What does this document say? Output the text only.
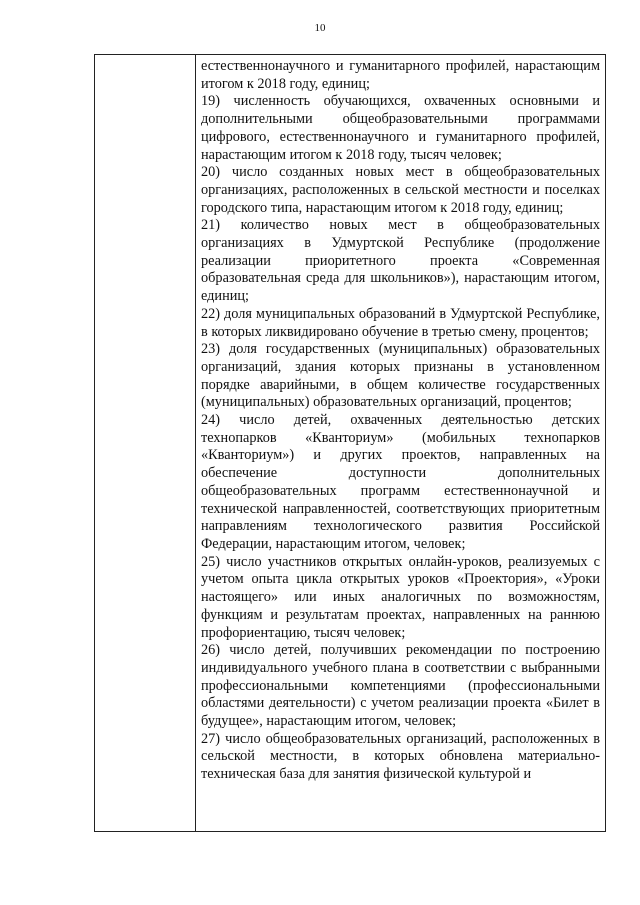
10

естественнонаучного и гуманитарного профилей, нарастающим итогом к 2018 году, единиц;

19) численность обучающихся, охваченных основными и дополнительными общеобразовательными программами цифрового, естественнонаучного и гуманитарного профилей, нарастающим итогом к 2018 году, тысяч человек;

20) число созданных новых мест в общеобразовательных организациях, расположенных в сельской местности и поселках городского типа, нарастающим итогом к 2018 году, единиц;

21) количество новых мест в общеобразовательных организациях в Удмуртской Республике (продолжение реализации приоритетного проекта «Современная образовательная среда для школьников»), нарастающим итогом, единиц;

22) доля муниципальных образований в Удмуртской Республике, в которых ликвидировано обучение в третью смену, процентов;

23) доля государственных (муниципальных) образовательных организаций, здания которых признаны в установленном порядке аварийными, в общем количестве государственных (муниципальных) образовательных организаций, процентов;

24) число детей, охваченных деятельностью детских технопарков «Кванториум» (мобильных технопарков «Кванториум») и других проектов, направленных на обеспечение доступности дополнительных общеобразовательных программ естественнонаучной и технической направленностей, соответствующих приоритетным направлениям технологического развития Российской Федерации, нарастающим итогом, человек;

25) число участников открытых онлайн-уроков, реализуемых с учетом опыта цикла открытых уроков «Проектория», «Уроки настоящего» или иных аналогичных по возможностям, функциям и результатам проектах, направленных на раннюю профориентацию, тысяч человек;

26) число детей, получивших рекомендации по построению индивидуального учебного плана в соответствии с выбранными профессиональными компетенциями (профессиональными областями деятельности) с учетом реализации проекта «Билет в будущее», нарастающим итогом, человек;

27) число общеобразовательных организаций, расположенных в сельской местности, в которых обновлена материально-техническая база для занятия физической культурой и
